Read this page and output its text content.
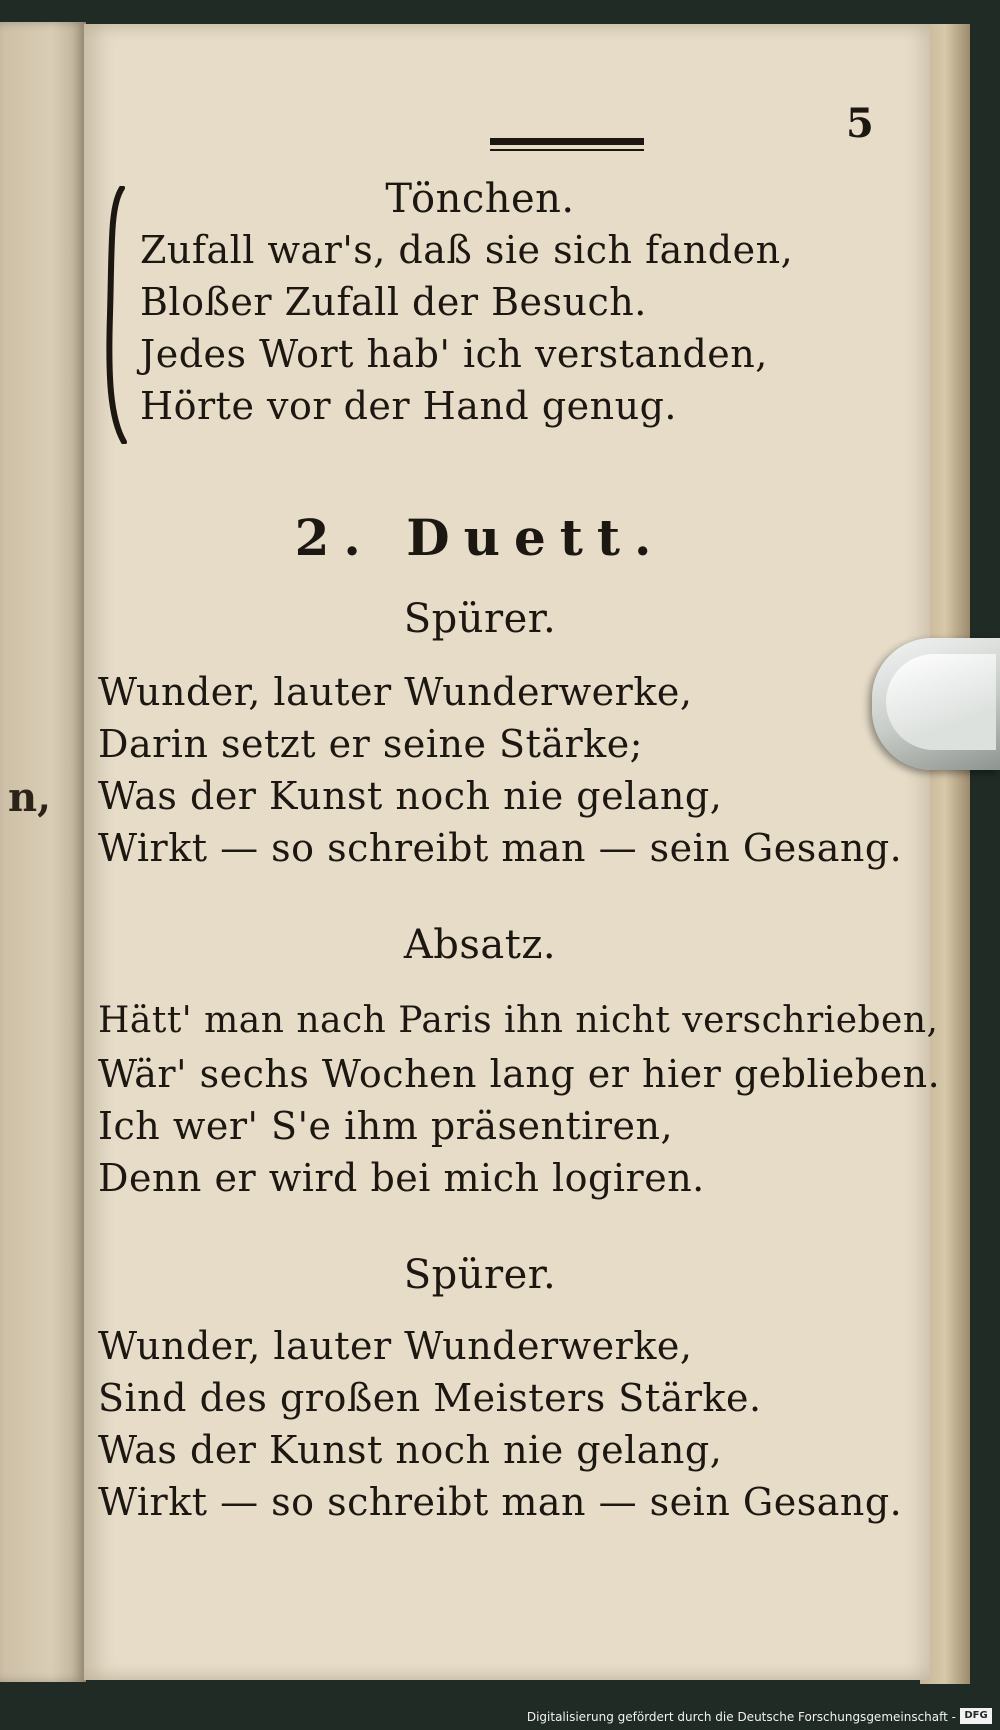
n,
5
Tönchen.
Zufall war's, daß sie sich fanden,
Bloßer Zufall der Besuch.
Jedes Wort hab' ich verstanden,
Hörte vor der Hand genug.
2. Duett.
Spürer.
Wunder, lauter Wunderwerke,
Darin setzt er seine Stärke;
Was der Kunst noch nie gelang,
Wirkt — so schreibt man — sein Gesang.
Absatz.
Hätt' man nach Paris ihn nicht verschrieben,
Wär' sechs Wochen lang er hier geblieben.
Ich wer' S'e ihm präsentiren,
Denn er wird bei mich logiren.
Spürer.
Wunder, lauter Wunderwerke,
Sind des großen Meisters Stärke.
Was der Kunst noch nie gelang,
Wirkt — so schreibt man — sein Gesang.
Digitalisierung gefördert durch die Deutsche Forschungsgemeinschaft - DFG
